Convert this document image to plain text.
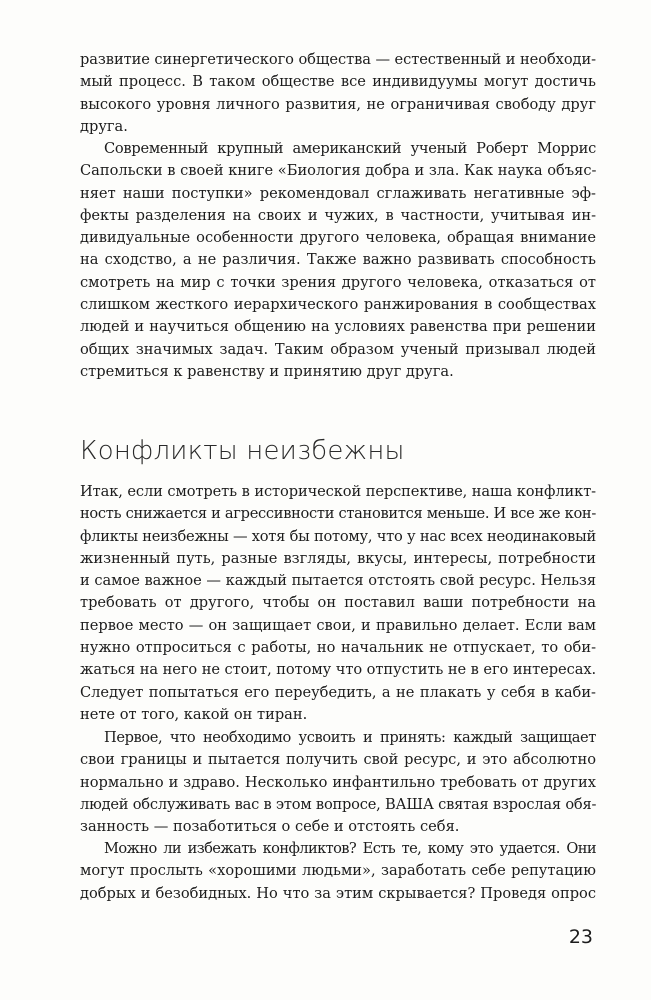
развитие синергетического общества — естественный и необходи-
мый процесс. В таком обществе все индивидуумы могут достичь
высокого уровня личного развития, не ограничивая свободу друг
друга.
Современный крупный американский ученый Роберт Моррис
Сапольски в своей книге «Биология добра и зла. Как наука объяс-
няет наши поступки» рекомендовал сглаживать негативные эф-
фекты разделения на своих и чужих, в частности, учитывая ин-
дивидуальные особенности другого человека, обращая внимание
на сходство, а не различия. Также важно развивать способность
смотреть на мир с точки зрения другого человека, отказаться от
слишком жесткого иерархического ранжирования в сообществах
людей и научиться общению на условиях равенства при решении
общих значимых задач. Таким образом ученый призывал людей
стремиться к равенству и принятию друг друга.
Конфликты неизбежны
Итак, если смотреть в исторической перспективе, наша конфликт-
ность снижается и агрессивности становится меньше. И все же кон-
фликты неизбежны — хотя бы потому, что у нас всех неодинаковый
жизненный путь, разные взгляды, вкусы, интересы, потребности
и самое важное — каждый пытается отстоять свой ресурс. Нельзя
требовать от другого, чтобы он поставил ваши потребности на
первое место — он защищает свои, и правильно делает. Если вам
нужно отпроситься с работы, но начальник не отпускает, то оби-
жаться на него не стоит, потому что отпустить не в его интересах.
Следует попытаться его переубедить, а не плакать у себя в каби-
нете от того, какой он тиран.
Первое, что необходимо усвоить и принять: каждый защищает
свои границы и пытается получить свой ресурс, и это абсолютно
нормально и здраво. Несколько инфантильно требовать от других
людей обслуживать вас в этом вопросе, ВАША святая взрослая обя-
занность — позаботиться о себе и отстоять себя.
Можно ли избежать конфликтов? Есть те, кому это удается. Они
могут прослыть «хорошими людьми», заработать себе репутацию
добрых и безобидных. Но что за этим скрывается? Проведя опрос
23
